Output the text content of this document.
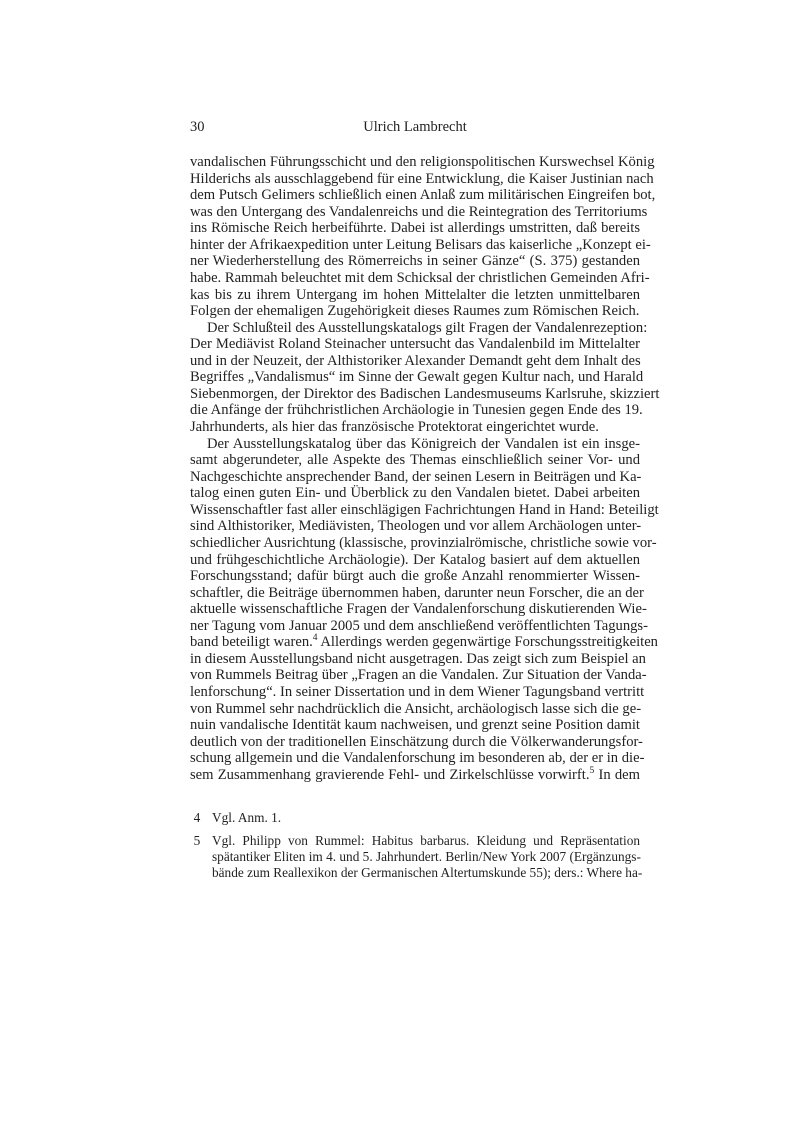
30	Ulrich Lambrecht
vandalischen Führungsschicht und den religionspolitischen Kurswechsel König
Hilderichs als ausschlaggebend für eine Entwicklung, die Kaiser Justinian nach
dem Putsch Gelimers schließlich einen Anlaß zum militärischen Eingreifen bot,
was den Untergang des Vandalenreichs und die Reintegration des Territoriums
ins Römische Reich herbeiführte. Dabei ist allerdings umstritten, daß bereits
hinter der Afrikaexpedition unter Leitung Belisars das kaiserliche „Konzept ei-
ner Wiederherstellung des Römerreichs in seiner Gänze“ (S. 375) gestanden
habe. Rammah beleuchtet mit dem Schicksal der christlichen Gemeinden Afri-
kas bis zu ihrem Untergang im hohen Mittelalter die letzten unmittelbaren
Folgen der ehemaligen Zugehörigkeit dieses Raumes zum Römischen Reich.
Der Schlußteil des Ausstellungskatalogs gilt Fragen der Vandalenrezeption:
Der Mediävist Roland Steinacher untersucht das Vandalenbild im Mittelalter
und in der Neuzeit, der Althistoriker Alexander Demandt geht dem Inhalt des
Begriffes „Vandalismus“ im Sinne der Gewalt gegen Kultur nach, und Harald
Siebenmorgen, der Direktor des Badischen Landesmuseums Karlsruhe, skizziert
die Anfänge der frühchristlichen Archäologie in Tunesien gegen Ende des 19.
Jahrhunderts, als hier das französische Protektorat eingerichtet wurde.
Der Ausstellungskatalog über das Königreich der Vandalen ist ein insge-
samt abgerundeter, alle Aspekte des Themas einschließlich seiner Vor- und
Nachgeschichte ansprechender Band, der seinen Lesern in Beiträgen und Ka-
talog einen guten Ein- und Überblick zu den Vandalen bietet. Dabei arbeiten
Wissenschaftler fast aller einschlägigen Fachrichtungen Hand in Hand: Beteiligt
sind Althistoriker, Mediävisten, Theologen und vor allem Archäologen unter-
schiedlicher Ausrichtung (klassische, provinzialrömische, christliche sowie vor-
und frühgeschichtliche Archäologie). Der Katalog basiert auf dem aktuellen
Forschungsstand; dafür bürgt auch die große Anzahl renommierter Wissen-
schaftler, die Beiträge übernommen haben, darunter neun Forscher, die an der
aktuelle wissenschaftliche Fragen der Vandalenforschung diskutierenden Wie-
ner Tagung vom Januar 2005 und dem anschließend veröffentlichten Tagungs-
band beteiligt waren.$^4$ Allerdings werden gegenwärtige Forschungsstreitigkeiten
in diesem Ausstellungsband nicht ausgetragen. Das zeigt sich zum Beispiel an
von Rummels Beitrag über „Fragen an die Vandalen. Zur Situation der Vanda-
lenforschung“. In seiner Dissertation und in dem Wiener Tagungsband vertritt
von Rummel sehr nachdrücklich die Ansicht, archäologisch lasse sich die ge-
nuin vandalische Identität kaum nachweisen, und grenzt seine Position damit
deutlich von der traditionellen Einschätzung durch die Völkerwanderungsfor-
schung allgemein und die Vandalenforschung im besonderen ab, der er in die-
sem Zusammenhang gravierende Fehl- und Zirkelschlüsse vorwirft.$^5$ In dem
4 Vgl. Anm. 1.
5 Vgl. Philipp von Rummel: Habitus barbarus. Kleidung und Repräsentation
spätantiker Eliten im 4. und 5. Jahrhundert. Berlin/New York 2007 (Ergänzungs-
bände zum Reallexikon der Germanischen Altertumskunde 55); ders.: Where ha-
